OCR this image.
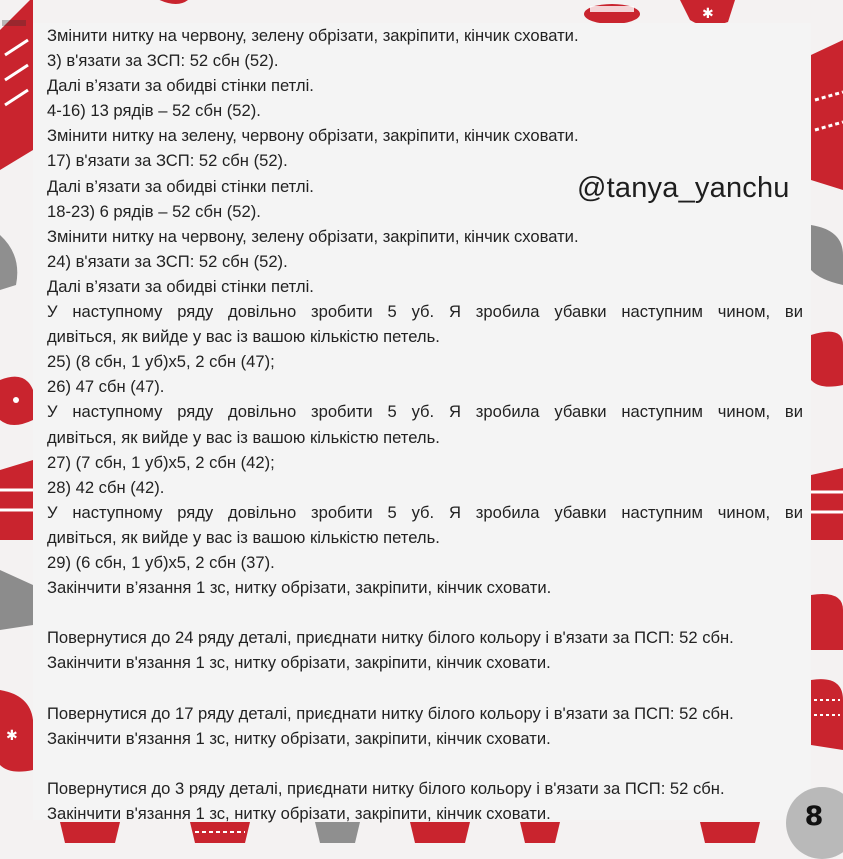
✱
✱

Змінити нитку на червону, зелену обрізати, закріпити, кінчик сховати.

3) в'язати за ЗСП: 52 сбн (52).

Далі в’язати за обидві стінки петлі.

4-16) 13 рядів – 52 сбн (52).

Змінити нитку на зелену, червону обрізати, закріпити, кінчик сховати.

17) в'язати за ЗСП: 52 сбн (52).

Далі в’язати за обидві стінки петлі.

18-23) 6 рядів – 52 сбн (52).

Змінити нитку на червону, зелену обрізати, закріпити, кінчик сховати.

24) в'язати за ЗСП: 52 сбн (52).

Далі в’язати за обидві стінки петлі.

У наступному ряду довільно зробити 5 уб. Я зробила убавки наступним чином, ви

дивіться, як вийде у вас із вашою кількістю петель.

25) (8 сбн, 1 уб)х5, 2 сбн (47);

26) 47 сбн (47).

У наступному ряду довільно зробити 5 уб. Я зробила убавки наступним чином, ви

дивіться, як вийде у вас із вашою кількістю петель.

27) (7 сбн, 1 уб)х5, 2 сбн (42);

28) 42 сбн (42).

У наступному ряду довільно зробити 5 уб. Я зробила убавки наступним чином, ви

дивіться, як вийде у вас із вашою кількістю петель.

29) (6 сбн, 1 уб)х5, 2 сбн (37).

Закінчити в’язання 1 зс, нитку обрізати, закріпити, кінчик сховати.

Повернутися до 24 ряду деталі, приєднати нитку білого кольору і в'язати за ПСП: 52 сбн.

Закінчити в'язання 1 зс, нитку обрізати, закріпити, кінчик сховати.

Повернутися до 17 ряду деталі, приєднати нитку білого кольору і в'язати за ПСП: 52 сбн.

Закінчити в'язання 1 зс, нитку обрізати, закріпити, кінчик сховати.

Повернутися до 3 ряду деталі, приєднати нитку білого кольору і в'язати за ПСП: 52 сбн.

Закінчити в'язання 1 зс, нитку обрізати, закріпити, кінчик сховати.

@tanya_yanchu
8
